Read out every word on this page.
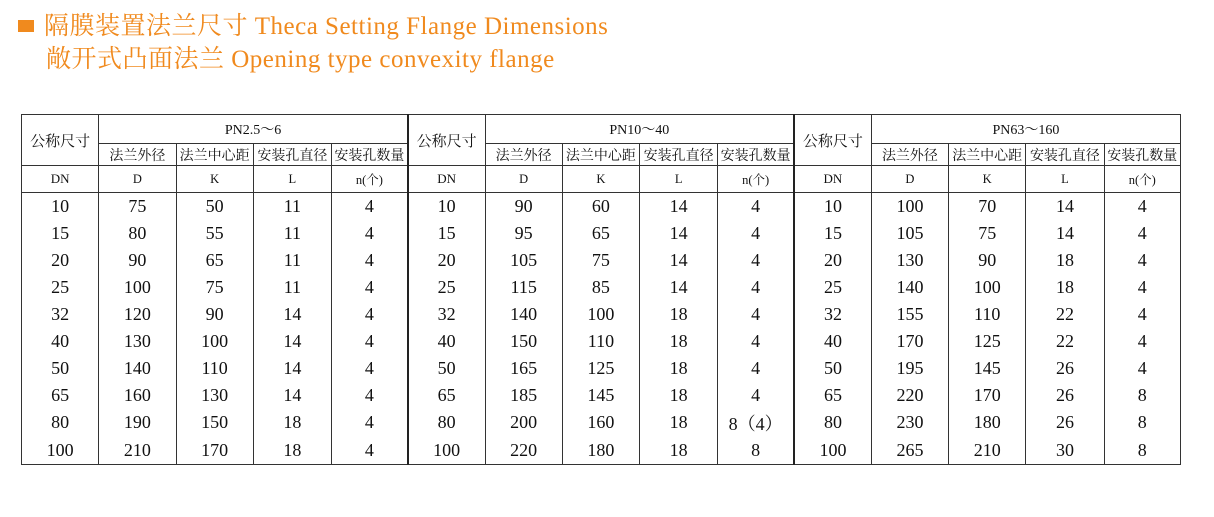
隔膜装置法兰尺寸 Theca Setting Flange Dimensions
敞开式凸面法兰 Opening type convexity flange
公称尺寸	PN2.5～6				公称尺寸	PN10～40				公称尺寸	PN63～160			
	法兰外径	法兰中心距	安装孔直径	安装孔数量		法兰外径	法兰中心距	安装孔直径	安装孔数量		法兰外径	法兰中心距	安装孔直径	安装孔数量
DN	D	K	L	n(个)	DN	D	K	L	n(个)	DN	D	K	L	n(个)
10	75	50	11	4	10	90	60	14	4	10	100	70	14	4
15	80	55	11	4	15	95	65	14	4	15	105	75	14	4
20	90	65	11	4	20	105	75	14	4	20	130	90	18	4
25	100	75	11	4	25	115	85	14	4	25	140	100	18	4
32	120	90	14	4	32	140	100	18	4	32	155	110	22	4
40	130	100	14	4	40	150	110	18	4	40	170	125	22	4
50	140	110	14	4	50	165	125	18	4	50	195	145	26	4
65	160	130	14	4	65	185	145	18	4	65	220	170	26	8
80	190	150	18	4	80	200	160	18	8（4）	80	230	180	26	8
100	210	170	18	4	100	220	180	18	8	100	265	210	30	8
